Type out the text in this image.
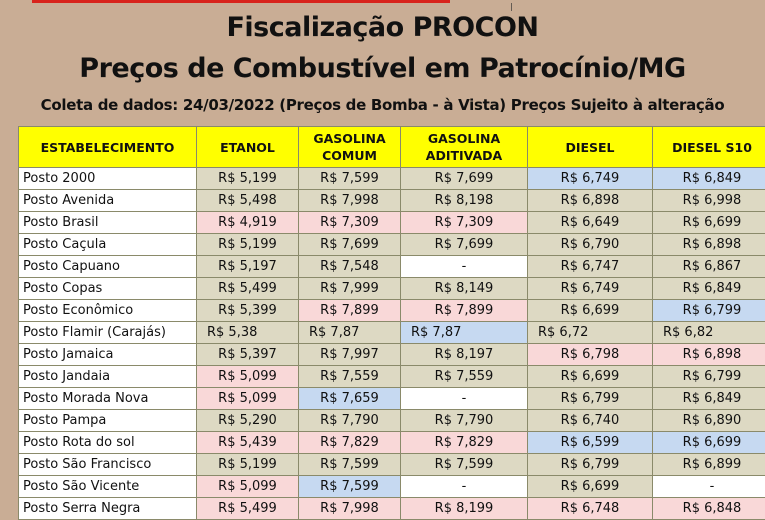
|
Fiscalização PROCON
Preços de Combustível em Patrocínio/MG
Coleta de dados: 24/03/2022 (Preços de Bomba - à Vista) Preços Sujeito à alteração
ESTABELECIMENTO	ETANOL	GASOLINA COMUM	GASOLINA ADITIVADA	DIESEL	DIESEL S10
Posto 2000	R$ 5,199	R$ 7,599	R$ 7,699	R$ 6,749	R$ 6,849
Posto Avenida	R$ 5,498	R$ 7,998	R$ 8,198	R$ 6,898	R$ 6,998
Posto Brasil	R$ 4,919	R$ 7,309	R$ 7,309	R$ 6,649	R$ 6,699
Posto Caçula	R$ 5,199	R$ 7,699	R$ 7,699	R$ 6,790	R$ 6,898
Posto Capuano	R$ 5,197	R$ 7,548	-	R$ 6,747	R$ 6,867
Posto Copas	R$ 5,499	R$ 7,999	R$ 8,149	R$ 6,749	R$ 6,849
Posto Econômico	R$ 5,399	R$ 7,899	R$ 7,899	R$ 6,699	R$ 6,799
Posto Flamir (Carajás)	R$ 5,38	R$ 7,87	R$ 7,87	R$ 6,72	R$ 6,82
Posto Jamaica	R$ 5,397	R$ 7,997	R$ 8,197	R$ 6,798	R$ 6,898
Posto Jandaia	R$ 5,099	R$ 7,559	R$ 7,559	R$ 6,699	R$ 6,799
Posto Morada Nova	R$ 5,099	R$ 7,659	-	R$ 6,799	R$ 6,849
Posto Pampa	R$ 5,290	R$ 7,790	R$ 7,790	R$ 6,740	R$ 6,890
Posto Rota do sol	R$ 5,439	R$ 7,829	R$ 7,829	R$ 6,599	R$ 6,699
Posto São Francisco	R$ 5,199	R$ 7,599	R$ 7,599	R$ 6,799	R$ 6,899
Posto São Vicente	R$ 5,099	R$ 7,599	-	R$ 6,699	-
Posto Serra Negra	R$ 5,499	R$ 7,998	R$ 8,199	R$ 6,748	R$ 6,848
